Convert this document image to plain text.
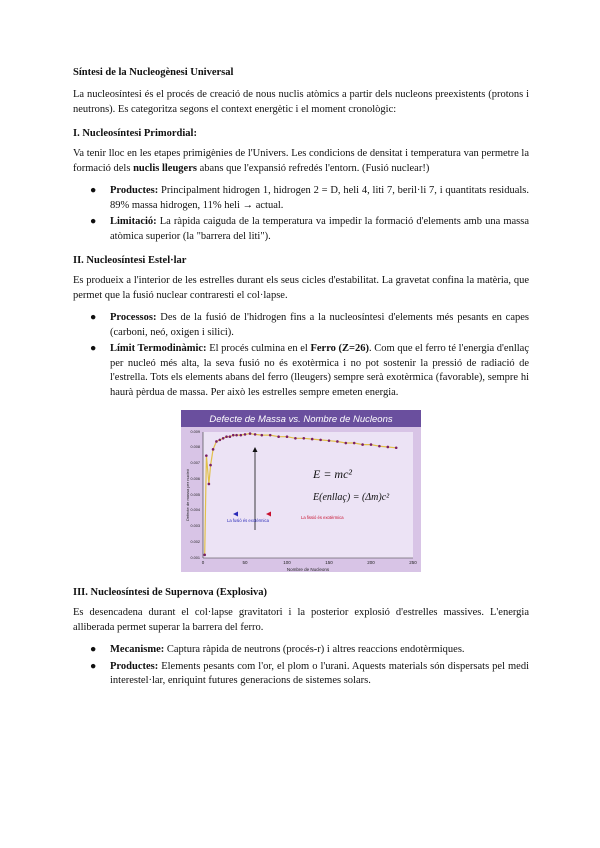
Síntesi de la Nucleogènesi Universal

La nucleosíntesi és el procés de creació de nous nuclis atòmics a partir dels nucleons preexistents (protons i neutrons). Es categoritza segons el context energètic i el moment cronològic:

I. Nucleosíntesi Primordial:

Va tenir lloc en les etapes primigènies de l'Univers. Les condicions de densitat i temperatura van permetre la formació dels nuclis lleugers abans que l'expansió refredés l'entorn. (Fusió nuclear!)

● Productes: Principalment hidrogen 1, hidrogen 2 = D, heli 4, liti 7, beril·li 7, i quantitats residuals. 89% massa hidrogen, 11% heli → actual.
● Limitació: La ràpida caiguda de la temperatura va impedir la formació d'elements amb una massa atòmica superior (la "barrera del liti").
II. Nucleosíntesi Estel·lar

Es produeix a l'interior de les estrelles durant els seus cicles d'estabilitat. La gravetat confina la matèria, que permet que la fusió nuclear contraresti el col·lapse.

● Processos: Des de la fusió de l'hidrogen fins a la nucleosíntesi d'elements més pesants en capes (carboni, neó, oxigen i silici).
● Límit Termodinàmic: El procés culmina en el Ferro (Z=26). Com que el ferro té l'energia d'enllaç per nucleó més alta, la seva fusió no és exotèrmica i no pot sostenir la pressió de radiació de l'estrella. Tots els elements abans del ferro (lleugers) sempre serà exotèrmica (favorable), sempre hi haurà pèrdua de massa. Per això les estrelles sempre emeten energia.
Defecte de Massa vs. Nombre de Nucleons
Defecte de massa per nucleó
Nombre de Nucleons
0.009
0.008
0.007
0.006
0.005
0.004
0.003
0.002
0.001
0	50	100	150	200	250
La fusió és exotèrmica
La fissió és exotèrmica
E = mc²
E(enllaç) = (Δm)c²
III. Nucleosíntesi de Supernova (Explosiva)

Es desencadena durant el col·lapse gravitatori i la posterior explosió d'estrelles massives. L'energia alliberada permet superar la barrera del ferro.

● Mecanisme: Captura ràpida de neutrons (procés-r) i altres reaccions endotèrmiques.
● Productes: Elements pesants com l'or, el plom o l'urani. Aquests materials són dispersats pel medi interestel·lar, enriquint futures generacions de sistemes solars.
